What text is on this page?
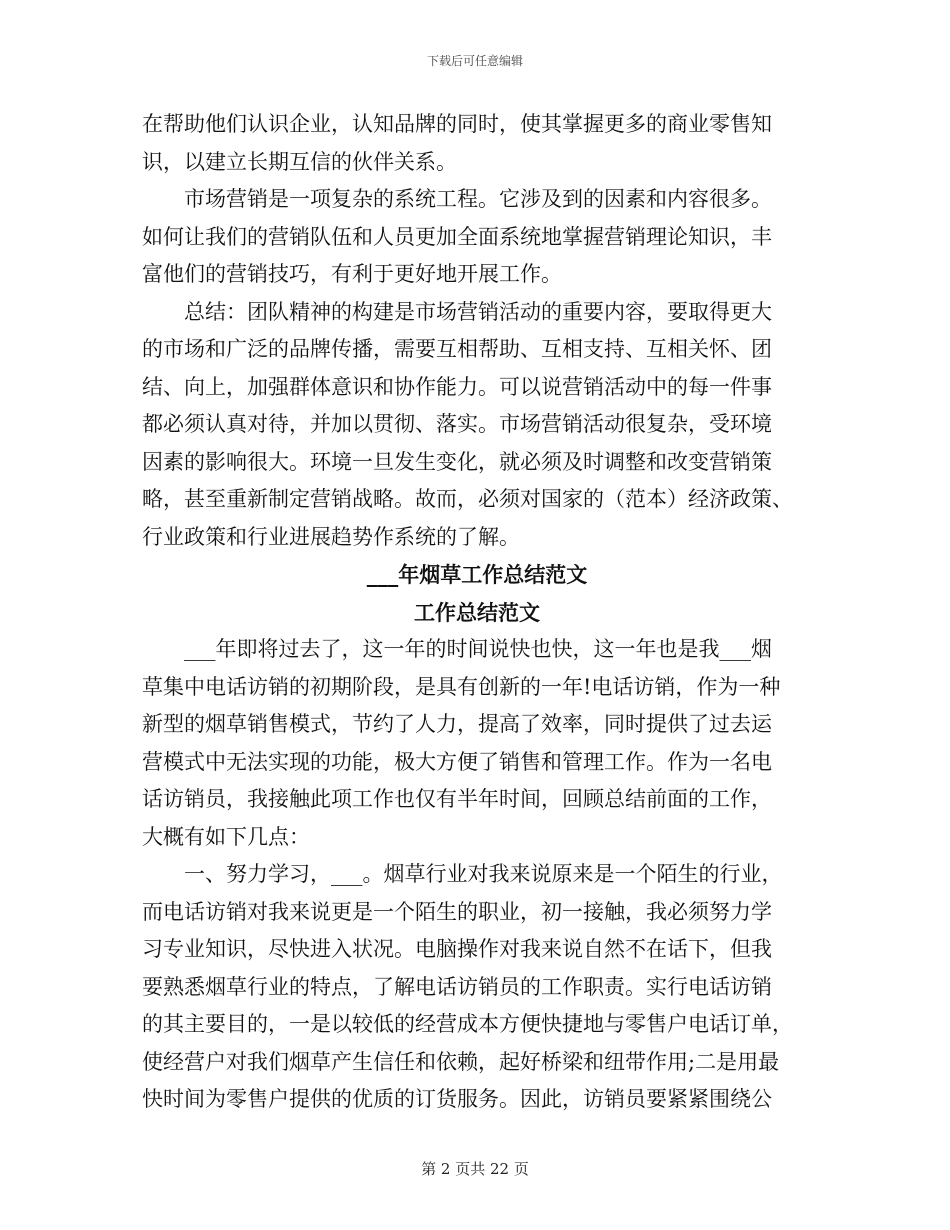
下载后可任意编辑
在帮助他们认识企业，认知品牌的同时，使其掌握更多的商业零售知
识，以建立长期互信的伙伴关系。
市场营销是一项复杂的系统工程。它涉及到的因素和内容很多。
如何让我们的营销队伍和人员更加全面系统地掌握营销理论知识，丰
富他们的营销技巧，有利于更好地开展工作。
总结：团队精神的构建是市场营销活动的重要内容，要取得更大
的市场和广泛的品牌传播，需要互相帮助、互相支持、互相关怀、团
结、向上，加强群体意识和协作能力。可以说营销活动中的每一件事
都必须认真对待，并加以贯彻、落实。市场营销活动很复杂，受环境
因素的影响很大。环境一旦发生变化，就必须及时调整和改变营销策
略，甚至重新制定营销战略。故而，必须对国家的（范本）经济政策、
行业政策和行业进展趋势作系统的了解。
___年烟草工作总结范文
工作总结范文
___年即将过去了，这一年的时间说快也快，这一年也是我___烟
草集中电话访销的初期阶段，是具有创新的一年!电话访销，作为一种
新型的烟草销售模式，节约了人力，提高了效率，同时提供了过去运
营模式中无法实现的功能，极大方便了销售和管理工作。作为一名电
话访销员，我接触此项工作也仅有半年时间，回顾总结前面的工作，
大概有如下几点：
一、努力学习，___。烟草行业对我来说原来是一个陌生的行业，
而电话访销对我来说更是一个陌生的职业，初一接触，我必须努力学
习专业知识，尽快进入状况。电脑操作对我来说自然不在话下，但我
要熟悉烟草行业的特点，了解电话访销员的工作职责。实行电话访销
的其主要目的，一是以较低的经营成本方便快捷地与零售户电话订单，
使经营户对我们烟草产生信任和依赖，起好桥梁和纽带作用;二是用最
快时间为零售户提供的优质的订货服务。因此，访销员要紧紧围绕公
第 2 页共 22 页
